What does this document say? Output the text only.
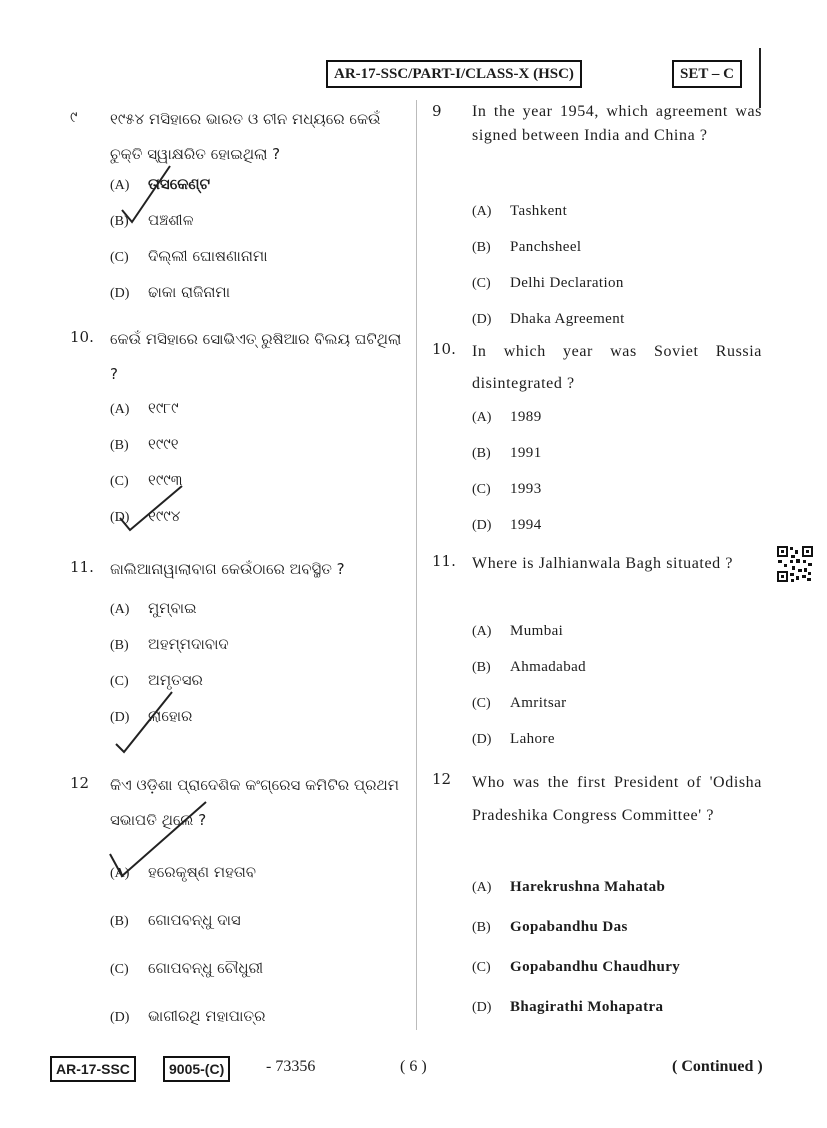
AR-17-SSC/PART-I/CLASS-X (HSC)	SET – C
୯ ୧୯୫୪ ମସିହାରେ ଭାରତ ଓ ଚୀନ ମଧ୍ୟରେ କେଉଁ ଚୁକ୍ତି ସ୍ୱାକ୍ଷରିତ ହୋଇଥିଲା ?
(A) ତାସକେଣ୍ଟ
(B) ପଞ୍ଚଶୀଳ
(C) ଦିଲ୍ଲୀ ଘୋଷଣାନାମା
(D) ଢାକା ରାଜିନାମା
10. କେଉଁ ମସିହାରେ ସୋଭିଏତ୍ ରୁଷିଆର ବିଲୟ ଘଟିଥିଲା ?
(A) ୧୯୮୯
(B) ୧୯୯୧
(C) ୧୯୯୩
(D) ୧୯୯୪
11. ଜାଲିଆନାୱାଲାବାଗ କେଉଁଠାରେ ଅବସ୍ଥିତ ?
(A) ମୁମ୍ବାଇ
(B) ଅହମ୍ମଦାବାଦ
(C) ଅମୃତସର
(D) ଲାହୋର
12 କିଏ ଓଡ଼ିଶା ପ୍ରାଦେଶିକ କଂଗ୍ରେସ କମିଟିର ପ୍ରଥମ ସଭାପତି ଥିଲେ ?
(A) ହରେକୃଷ୍ଣ ମହତାବ
(B) ଗୋପବନ୍ଧୁ ଦାସ
(C) ଗୋପବନ୍ଧୁ ଚୌଧୁରୀ
(D) ଭାଗୀରଥି ମହାପାତ୍ର
9 In the year 1954, which agreement was signed between India and China ?
(A) Tashkent
(B) Panchsheel
(C) Delhi Declaration
(D) Dhaka Agreement
10. In which year was Soviet Russia disintegrated ?
(A) 1989
(B) 1991
(C) 1993
(D) 1994
11. Where is Jalhianwala Bagh situated ?
(A) Mumbai
(B) Ahmadabad
(C) Amritsar
(D) Lahore
12 Who was the first President of 'Odisha Pradeshika Congress Committee' ?
(A) Harekrushna Mahatab
(B) Gopabandhu Das
(C) Gopabandhu Chaudhury
(D) Bhagirathi Mohapatra
AR-17-SSC	9005-(C)	- 73356	( 6 )	( Continued )
